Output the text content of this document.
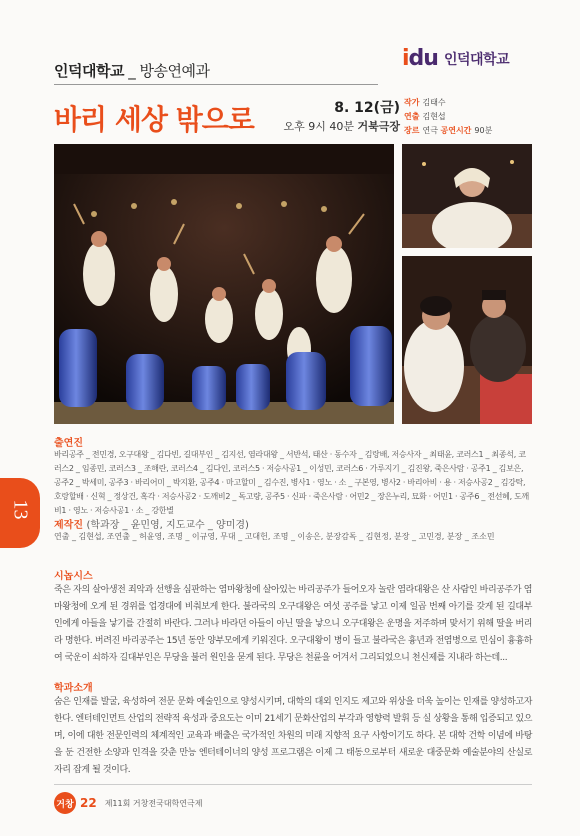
인덕대학교 _ 방송연예과	i du 인덕대학교
바리 세상 밖으로	8. 12(금)
오후 9시 40분 거북극장
작가 김태수
연출 김현섭
장르 연극 공연시간 90분
출연진
바리공주 _ 전민경, 오구대왕 _ 김다빈, 길대부인 _ 김지선, 염라대왕 _ 서반석, 태산 · 동수자 _ 김랑배, 저승사자 _ 최태윤, 코러스1 _ 최종석, 코러스2 _ 임종민, 코러스3 _ 조해란, 코러스4 _ 김다인, 코러스5 · 저승사공1 _ 이성민, 코러스6 · 가루지기 _ 김진왕, 죽은사람 · 공주1 _ 김보은, 공주2 _ 박세미, 공주3 · 바리어미 _ 박지환, 공주4 · 마고할미 _ 김수진, 병사1 · 영노 · 소 _ 구본영, 병사2 · 바리아비 · 용 · 저승사공2 _ 김강탁, 호랑할배 · 신혁 _ 정상건, 혹각 · 저승사공2 · 도깨비2 _ 독고량, 공주5 · 신파 · 죽은사람 · 어민2 _ 장은누리, 묘화 · 어민1 · 공주6 _ 전선혜, 도깨비1 · 영노 · 저승사공1 · 소 _ 강한별
제작진 (학과장 _ 윤민영, 지도교수 _ 양미경)
연출 _ 김현섭, 조연출 _ 허윤영, 조명 _ 이규영, 무대 _ 고대헌, 조명 _ 이송은, 분장감독 _ 김현정, 분장 _ 고민경, 분장 _ 조소민
13
시놉시스
죽은 자의 살아생전 죄악과 선행을 심판하는 염마왕청에 살아있는 바리공주가 들어오자 놀란 염라대왕은 산 사람인 바리공주가 염마왕청에 오게 된 경위를 업경대에 비춰보게 한다. 불라국의 오구대왕은 여섯 공주를 낳고 이제 일곱 번째 아기를 갖게 된 길대부인에게 아들을 낳기를 간절히 바란다. 그러나 바라던 아들이 아닌 딸을 낳으니 오구대왕은 운명을 저주하며 맞서기 위해 딸을 버리라 명한다. 버려진 바리공주는 15년 동안 양부모에게 키워진다. 오구대왕이 병이 들고 불라국은 흉년과 전염병으로 민심이 흉흉하여 국운이 쇠하자 길대부인은 무당을 불러 원인을 묻게 된다. 무당은 천륜을 어겨서 그리되었으니 천신제를 지내라 하는데...
학과소개
숨은 인재를 발굴, 육성하여 전문 문화 예술인으로 양성시키며, 대학의 대외 인지도 제고와 위상을 더욱 높이는 인재를 양성하고자 한다. 엔터테인먼트 산업의 전략적 육성과 중요도는 이미 21세기 문화산업의 부각과 영향력 발휘 등 실 상황을 통해 입증되고 있으며, 이에 대한 전문인력의 체계적인 교육과 배출은 국가적인 차원의 미래 지향적 요구 사항이기도 하다. 본 대학 건학 이념에 바탕을 둔 건전한 소양과 인격을 갖춘 만능 엔터테이너의 양성 프로그램은 이제 그 태동으로부터 새로운 대중문화 예술분야의 산실로 자리 잡게 될 것이다.
거창 22 제11회 거창전국대학연극제
